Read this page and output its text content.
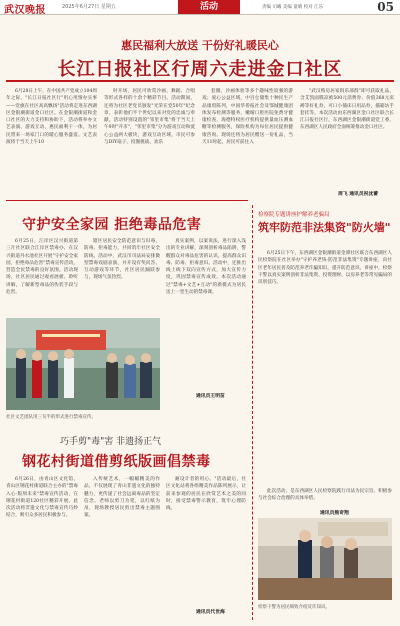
武汉晚报	2025年6月27日 星期五	活动	责编 司曦 美编 童晴 校对 江乐	05
惠民福利大放送 干份好礼暖民心
长江日报社区行周六走进金口社区

6月28日上午，在中国共产党成立104周年之际，"长江日报社区行"用心用情办实事——党旗在社区高高飘扬"活动将走进东西湖区金银潮街道金口社区。在金银潮街道和金口社区的大力支持和协助下，活动将举办文艺表演、游戏互动、惠民福利干一体，为居民带来一场家门口的暖心服务盛宴。文艺表演将于当天上午10

时开场，居民可欣赏沙画、舞蹈、合唱等形式各样的十余个精彩节目。活动期间，还将为社区老党员颁发"光荣在党50年"纪念章，表彰他们半个世纪以来对党的忠诚与奉献。活动特别设置的"邻里市集"将于当天上午9时"开市"，"邻里市集"分为游戏互动和爱心公益两大板块，游戏互动区域，市民可参与DIY扇子、投圈挑战、欢乐

套圈、沙画体验等多个趣味性较强的游戏；爱心公益区域，中百仓储集十种民生产品康贸陈列，中国华侨报社会及鄂城健康团体发布检测等服务，嫩晴口腔医院免费牙健康检查，海德特权医疗机构提供量血压测血糖等检测服务，保险机构为每位居民提供健康咨询。现场还将为居民赠送一份礼品，当天11时起，居民可前往入

"武汉购房居家俱乐部群"即可获取礼品，含艾凯面膜凉被500元消费券、价值368元床褥等好礼券，可口小插床日用品券，插箱坊手套挂等。本次活动由东西湖区金口社区联合长江日报社区行，东西湖区金银潮街道党工委、东西湖区人民政府全面统筹推动金口社区。

周飞 通讯员祝沈蕾
守护安全家园 拒绝毒品危害

6月25日，江岸区汉兴街道第三片社区联合江岸区禁毒办、在汉兴街道丹水池社区开展"守护安全家园，拒绝毒品危害"禁毒宣传活动，营造全民禁毒的良好氛围。活动现场，社区居民通过观看展板、聆听讲解，了解新型毒品的伪装手段与危害。

辖区居民安全防范意识与识毒、防毒、拒毒能力，共同筑牢社区安全防线。活动中，武汉市司法局安排微型禁毒戏剧表演，并开设有奖问答、互动游戏等环节，社区居民踊跃参与，现场气氛热烈。

真实案例，以案说法，进行深入浅出的专业讲解，深刻剖析毒品陷阱，警醒群众对毒品危害的认识，提高群众识毒、防毒、拒毒意识。活动中，还推出线上线下双向宣传方式，加大宣传力度，巩固禁毒宣传成效。本次活动通过"禁毒+文艺+互动"的新模式为居民送上一堂生动的禁毒课。

社区文艺团队用三句半的形式进行禁毒宣传。
通讯员王明苗
巧手剪"毒"害 非遗扬正气
钢花村街道借剪纸版画倡禁毒

6月26日，由青山区文化馆、青山区钢花村街道联合主办的"禁毒入心·版刻未来"禁毒宣传活动，在钢花村街道120社区精彩开展。此次活动将非遗文化与禁毒宣传巧妙结合，吸引众多居民积极参与。

入传统艺术，一幅幅精美的作品，不仅展现了青山非遗文化的独特魅力，更传递了社会远离毒品的坚定信念。老师以剪刀为笔，以红纸为帛，现场教授居民剪出禁毒主题图案。

耐设计者的用心。"活动最后，社区文化站将各组精美作品陈列展示，让前来参观的居民在欣赏艺术之美的同时，接受禁毒警示教育，筑牢心理防线。

通讯员代世海
检察院专题讲座护解养老骗局
筑牢防范非法集资"防火墙"

6月25日下午，东西湖区金银潮街道金潭社区联合东西湖区人民检察院在社区举办"守护养老钱·防范非法集资"专题讲座，向社区老年居民普及防范养老诈骗知识，提升防范意识。讲座中，检察干警以真实案例剖析非法集资、投资理财、以房养老等常见骗局的识别技巧。

此次活动，是东西湖区人民检察院践行司法为民宗旨、积极参与社会综合治理的具体举措。

通讯员熊奇翔
检察干警为居民细致介绍反诈知识。
